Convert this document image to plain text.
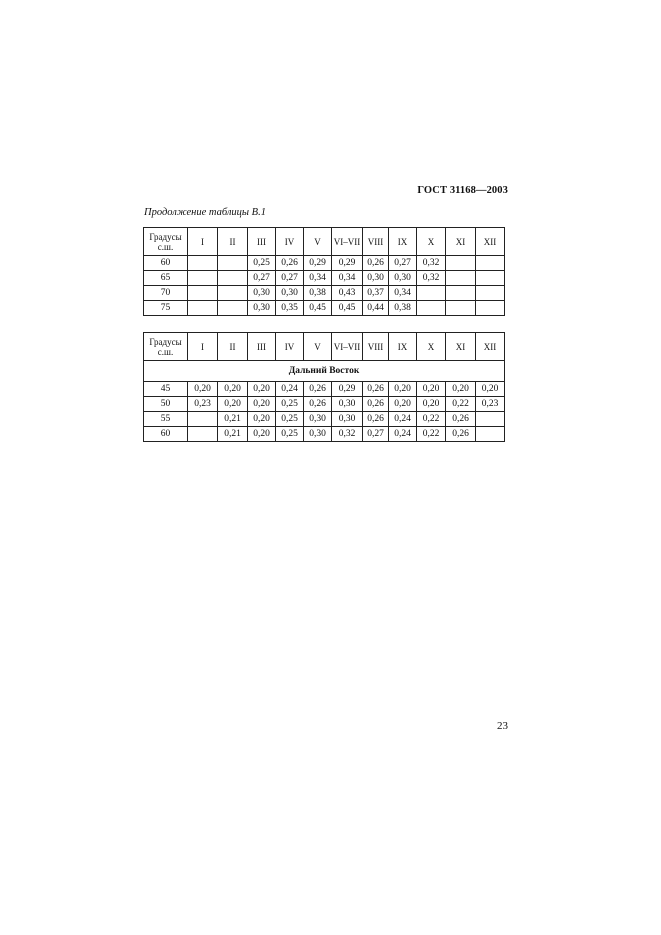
ГОСТ 31168—2003
Продолжение таблицы В.1
Градусы
с.ш.	I	II	III	IV	V	VI–VII	VIII	IX	X	XI	XII
60			0,25	0,26	0,29	0,29	0,26	0,27	0,32		
65			0,27	0,27	0,34	0,34	0,30	0,30	0,32		
70			0,30	0,30	0,38	0,43	0,37	0,34			
75			0,30	0,35	0,45	0,45	0,44	0,38			
Градусы
с.ш.	I	II	III	IV	V	VI–VII	VIII	IX	X	XI	XII
Дальний Восток											
45	0,20	0,20	0,20	0,24	0,26	0,29	0,26	0,20	0,20	0,20	0,20
50	0,23	0,20	0,20	0,25	0,26	0,30	0,26	0,20	0,20	0,22	0,23
55		0,21	0,20	0,25	0,30	0,30	0,26	0,24	0,22	0,26	
60		0,21	0,20	0,25	0,30	0,32	0,27	0,24	0,22	0,26	
23
